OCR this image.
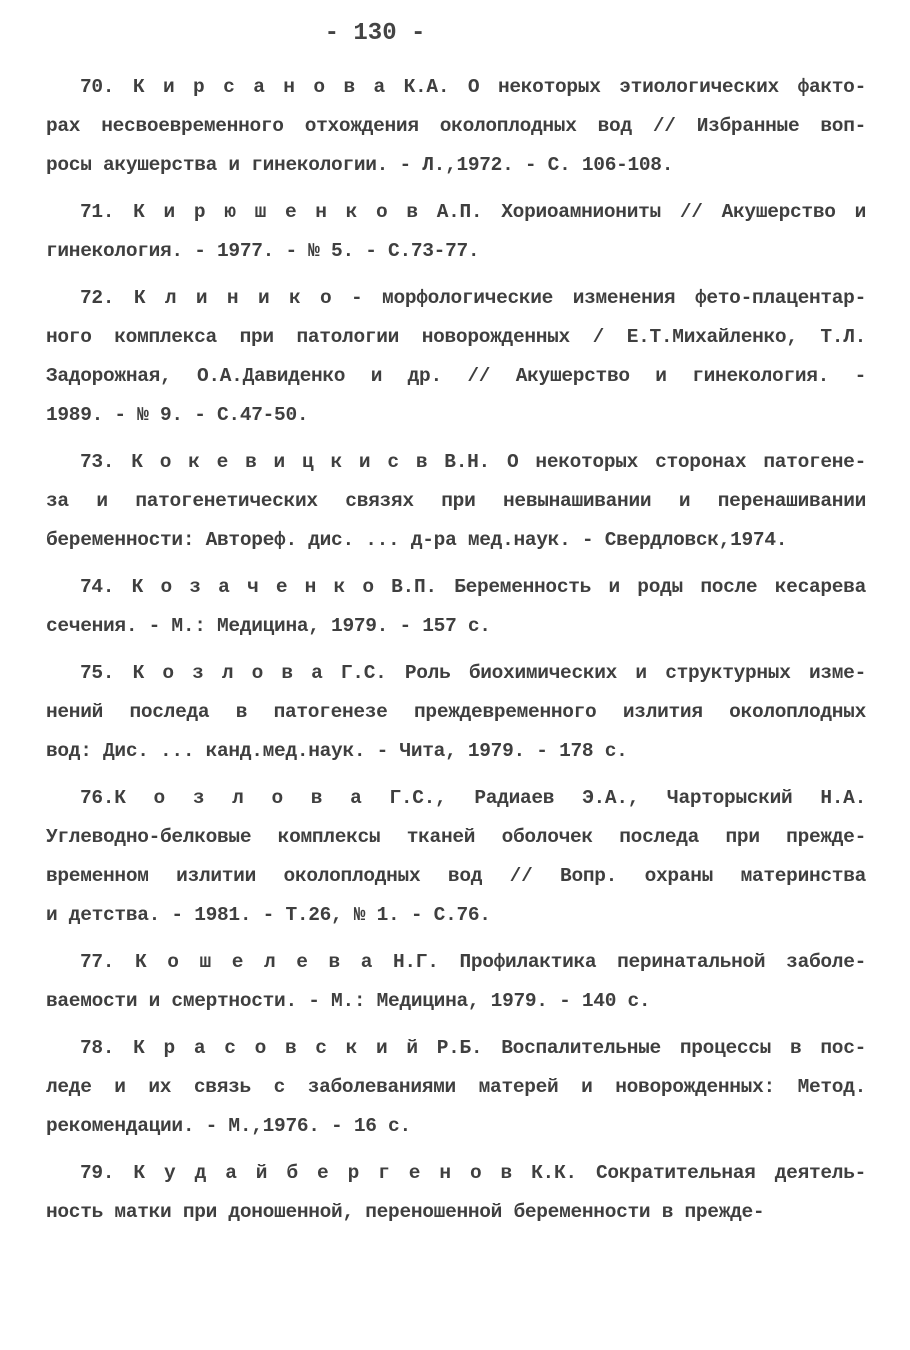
- 130 -
70. К и р с а н о в а К.А. О некоторых этиологических факто-
рах несвоевременного отхождения околоплодных вод // Избранные воп-
росы акушерства и гинекологии. - Л.,1972. - С. 106-108.
71. К и р ю ш е н к о в А.П. Хориоамниониты // Акушерство и
гинекология. - 1977. - № 5. - С.73-77.
72. К л и н и к о - морфологические изменения фето-плацентар-
ного комплекса при патологии новорожденных / Е.Т.Михайленко, Т.Л.
Задорожная, О.А.Давиденко и др. // Акушерство и гинекология. -
1989. - № 9. - С.47-50.
73. К о к е в и ц к и с в В.Н. О некоторых сторонах патогене-
за и патогенетических связях при невынашивании и перенашивании
беременности: Автореф. дис. ... д-ра мед.наук. - Свердловск,1974.
74. К о з а ч е н к о В.П. Беременность и роды после кесарева
сечения. - М.: Медицина, 1979. - 157 с.
75. К о з л о в а Г.С. Роль биохимических и структурных изме-
нений последа в патогенезе преждевременного излития околоплодных
вод: Дис. ... канд.мед.наук. - Чита, 1979. - 178 с.
76.К о з л о в а Г.С., Радиаев Э.А., Чарторыский Н.А.
Углеводно-белковые комплексы тканей оболочек последа при прежде-
временном излитии околоплодных вод // Вопр. охраны материнства
и детства. - 1981. - Т.26, № 1. - С.76.
77. К о ш е л е в а Н.Г. Профилактика перинатальной заболе-
ваемости и смертности. - М.: Медицина, 1979. - 140 с.
78. К р а с о в с к и й Р.Б. Воспалительные процессы в пос-
леде и их связь с заболеваниями матерей и новорожденных: Метод.
рекомендации. - М.,1976. - 16 с.
79. К у д а й б е р г е н о в К.К. Сократительная деятель-
ность матки при доношенной, переношенной беременности в прежде-
